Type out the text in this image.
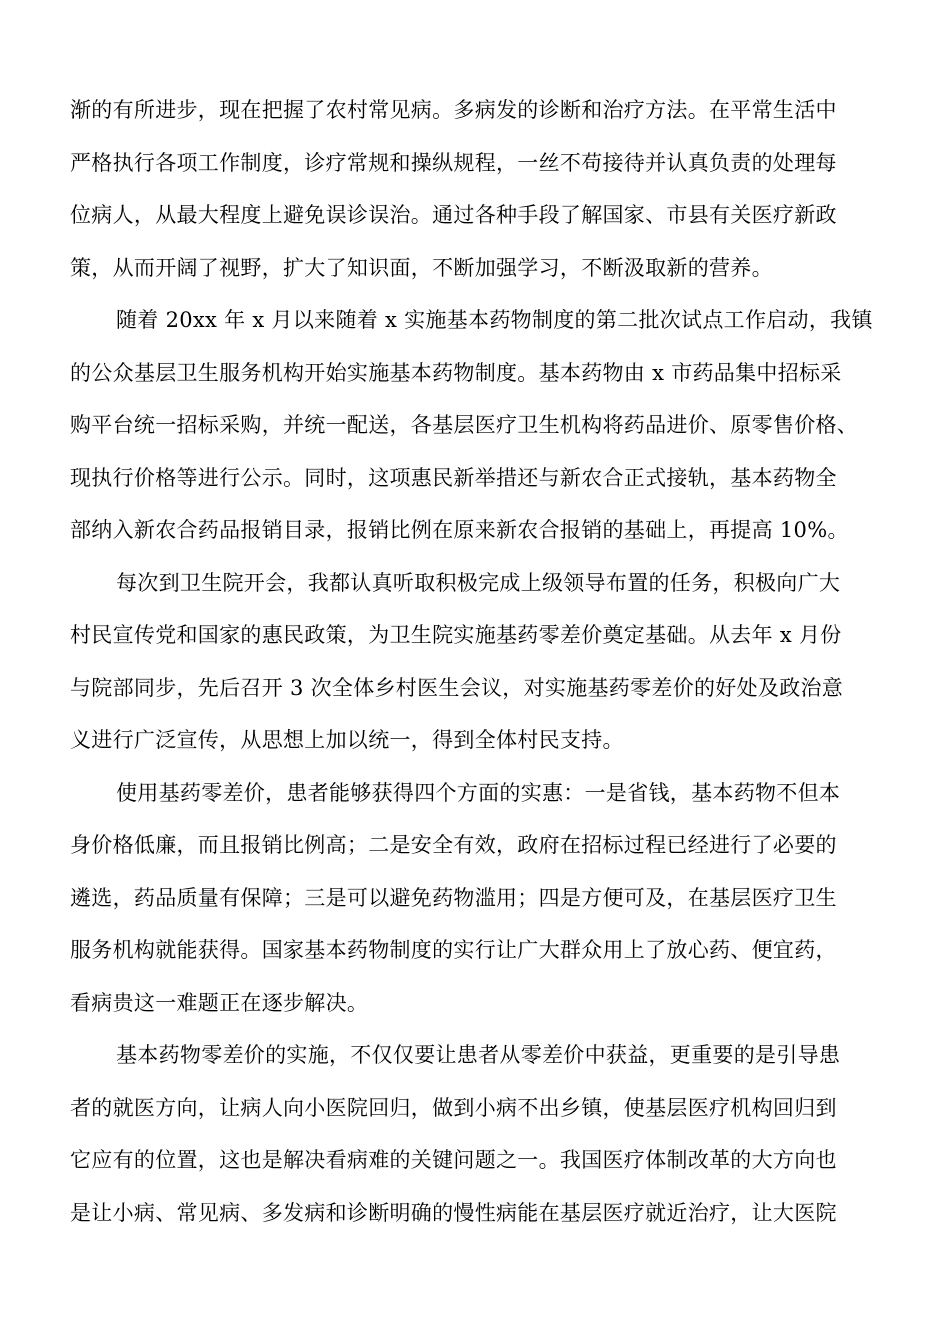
渐的有所进步，现在把握了农村常见病。多病发的诊断和治疗方法。在平常生活中
严格执行各项工作制度，诊疗常规和操纵规程，一丝不苟接待并认真负责的处理每
位病人，从最大程度上避免误诊误治。通过各种手段了解国家、市县有关医疗新政
策，从而开阔了视野，扩大了知识面，不断加强学习，不断汲取新的营养。
随着 20xx 年 x 月以来随着 x 实施基本药物制度的第二批次试点工作启动，我镇
的公众基层卫生服务机构开始实施基本药物制度。基本药物由 x 市药品集中招标采
购平台统一招标采购，并统一配送，各基层医疗卫生机构将药品进价、原零售价格、
现执行价格等进行公示。同时，这项惠民新举措还与新农合正式接轨，基本药物全
部纳入新农合药品报销目录，报销比例在原来新农合报销的基础上，再提高 10%。
每次到卫生院开会，我都认真听取积极完成上级领导布置的任务，积极向广大
村民宣传党和国家的惠民政策，为卫生院实施基药零差价奠定基础。从去年 x 月份
与院部同步，先后召开 3 次全体乡村医生会议，对实施基药零差价的好处及政治意
义进行广泛宣传，从思想上加以统一，得到全体村民支持。
使用基药零差价，患者能够获得四个方面的实惠：一是省钱，基本药物不但本
身价格低廉，而且报销比例高；二是安全有效，政府在招标过程已经进行了必要的
遴选，药品质量有保障；三是可以避免药物滥用；四是方便可及，在基层医疗卫生
服务机构就能获得。国家基本药物制度的实行让广大群众用上了放心药、便宜药，
看病贵这一难题正在逐步解决。
基本药物零差价的实施，不仅仅要让患者从零差价中获益，更重要的是引导患
者的就医方向，让病人向小医院回归，做到小病不出乡镇，使基层医疗机构回归到
它应有的位置，这也是解决看病难的关键问题之一。我国医疗体制改革的大方向也
是让小病、常见病、多发病和诊断明确的慢性病能在基层医疗就近治疗，让大医院
